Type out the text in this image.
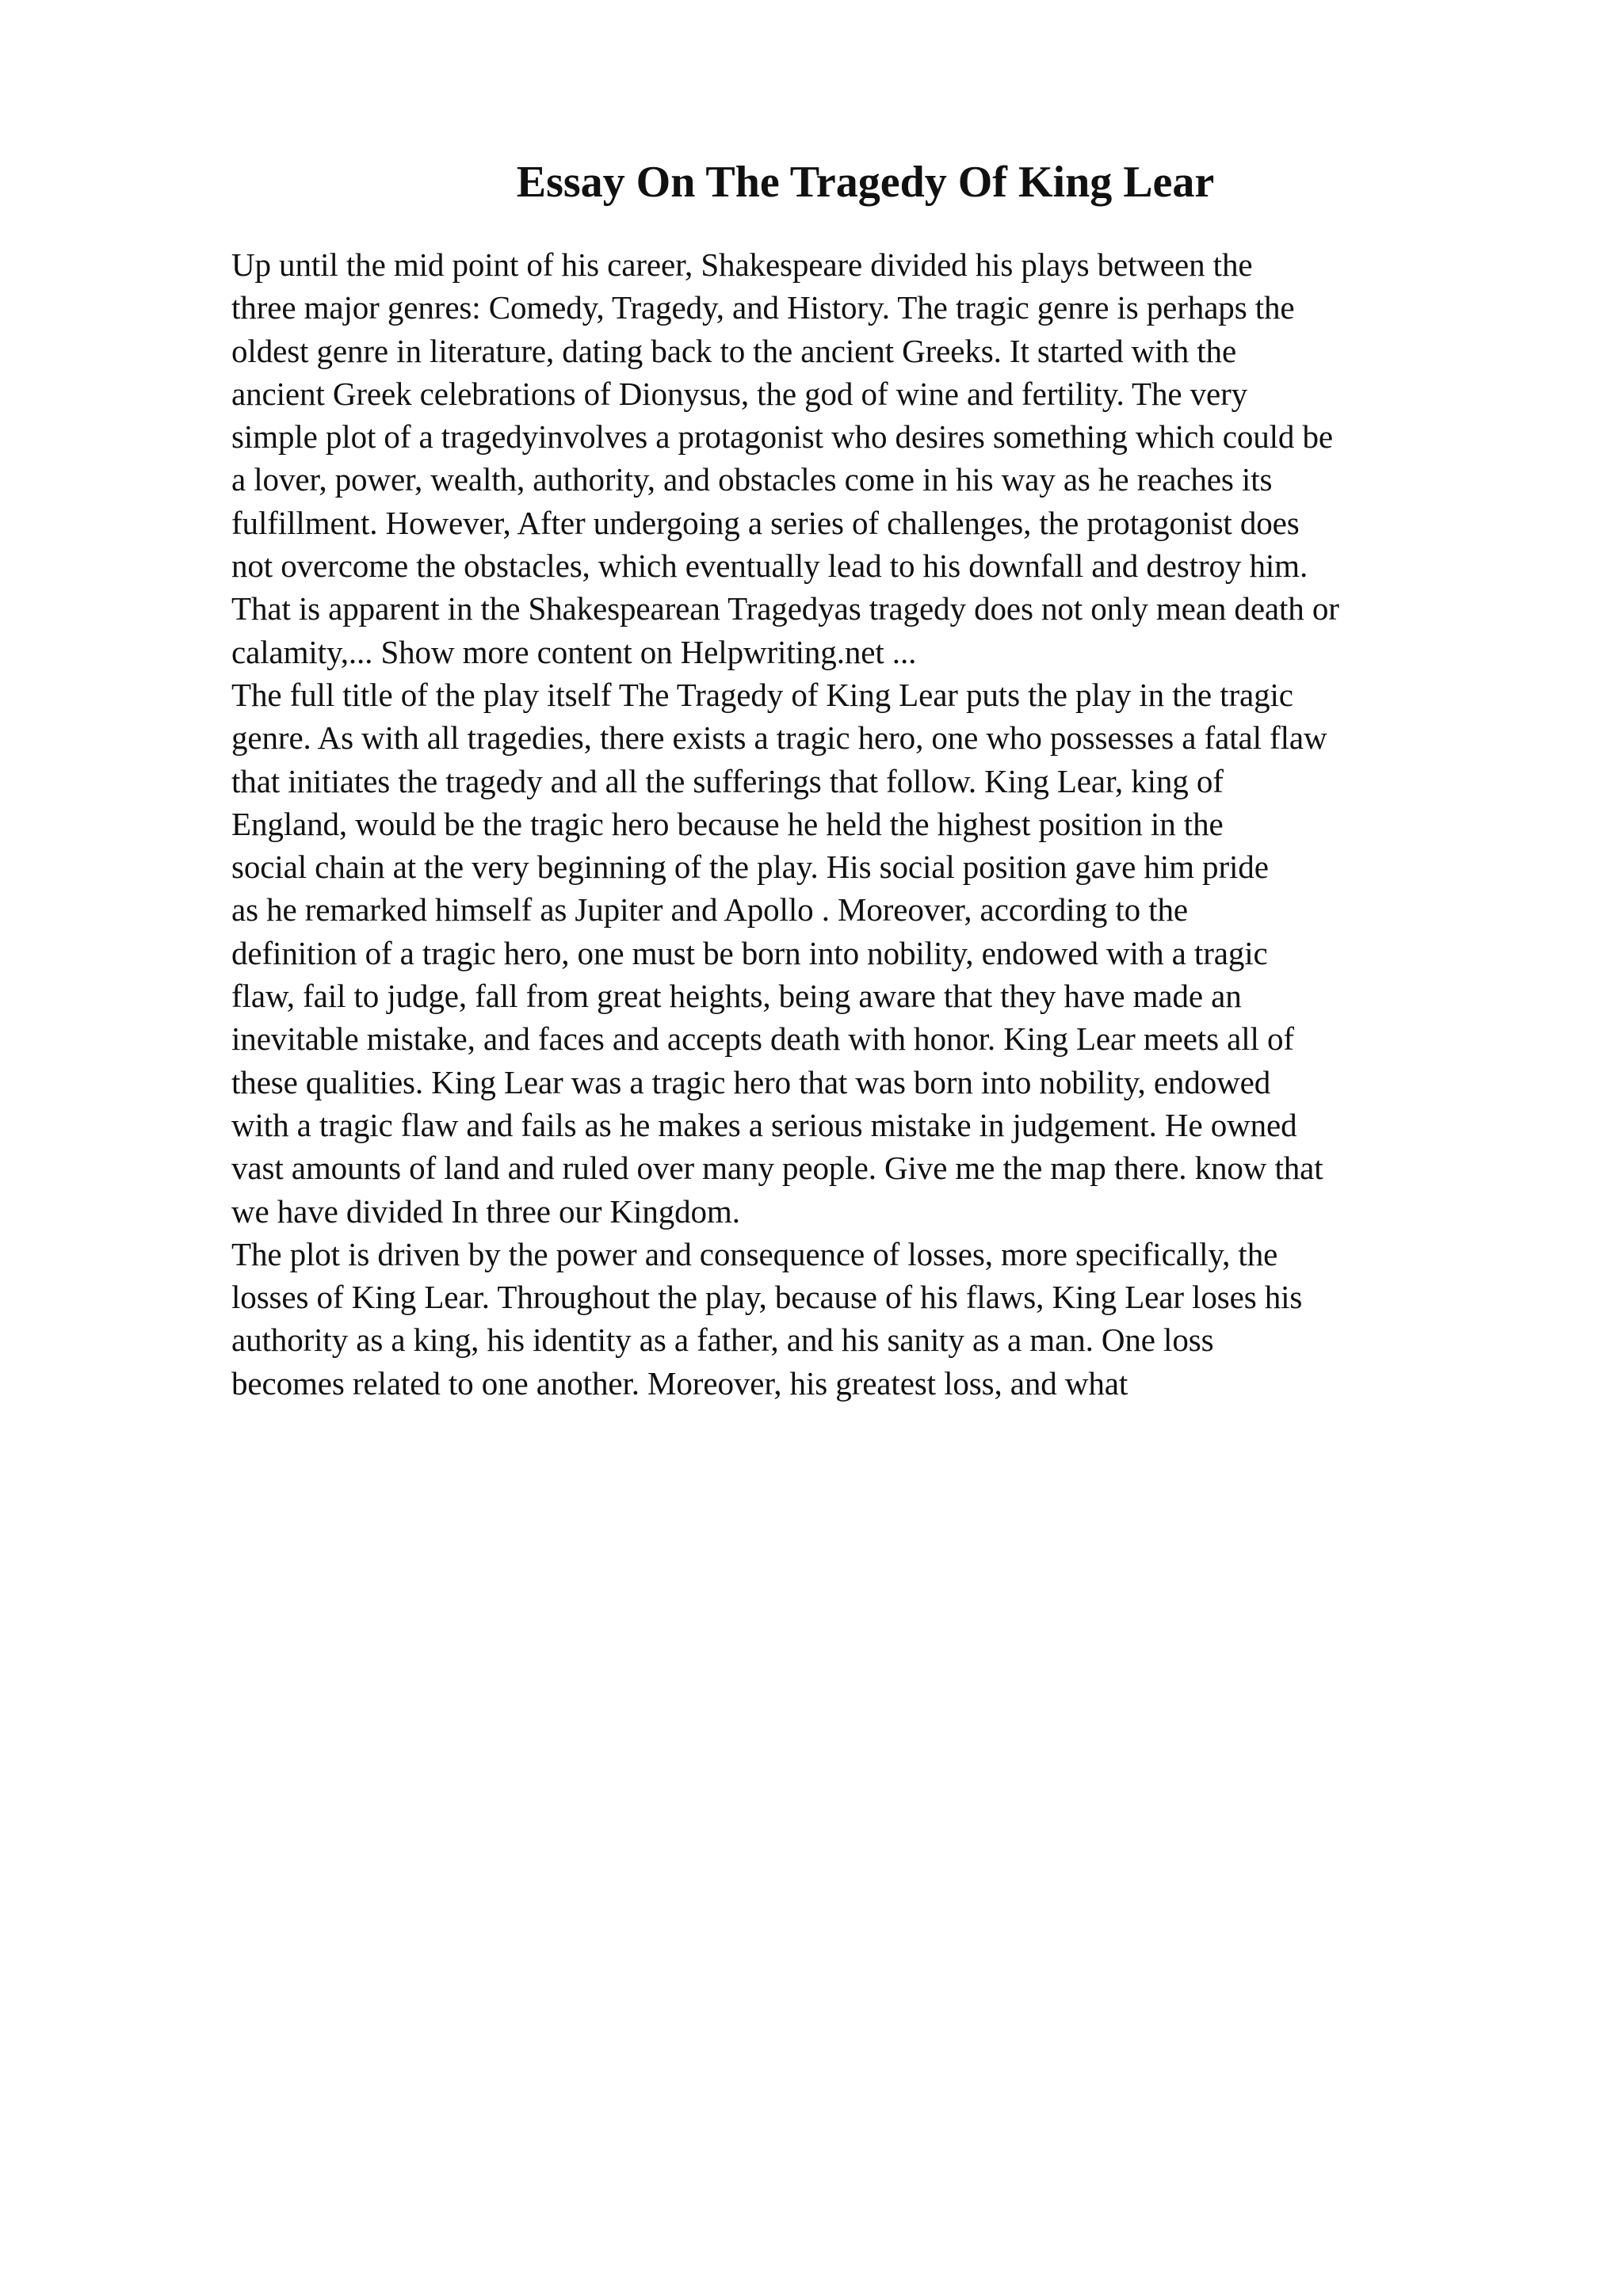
Essay On The Tragedy Of King Lear
Up until the mid point of his career, Shakespeare divided his plays between the
three major genres: Comedy, Tragedy, and History. The tragic genre is perhaps the
oldest genre in literature, dating back to the ancient Greeks. It started with the
ancient Greek celebrations of Dionysus, the god of wine and fertility. The very
simple plot of a tragedyinvolves a protagonist who desires something which could be
a lover, power, wealth, authority, and obstacles come in his way as he reaches its
fulfillment. However, After undergoing a series of challenges, the protagonist does
not overcome the obstacles, which eventually lead to his downfall and destroy him.
That is apparent in the Shakespearean Tragedyas tragedy does not only mean death or
calamity,... Show more content on Helpwriting.net ...
The full title of the play itself The Tragedy of King Lear puts the play in the tragic
genre. As with all tragedies, there exists a tragic hero, one who possesses a fatal flaw
that initiates the tragedy and all the sufferings that follow. King Lear, king of
England, would be the tragic hero because he held the highest position in the
social chain at the very beginning of the play. His social position gave him pride
as he remarked himself as Jupiter and Apollo . Moreover, according to the
definition of a tragic hero, one must be born into nobility, endowed with a tragic
flaw, fail to judge, fall from great heights, being aware that they have made an
inevitable mistake, and faces and accepts death with honor. King Lear meets all of
these qualities. King Lear was a tragic hero that was born into nobility, endowed
with a tragic flaw and fails as he makes a serious mistake in judgement. He owned
vast amounts of land and ruled over many people. Give me the map there. know that
we have divided In three our Kingdom.
The plot is driven by the power and consequence of losses, more specifically, the
losses of King Lear. Throughout the play, because of his flaws, King Lear loses his
authority as a king, his identity as a father, and his sanity as a man. One loss
becomes related to one another. Moreover, his greatest loss, and what
